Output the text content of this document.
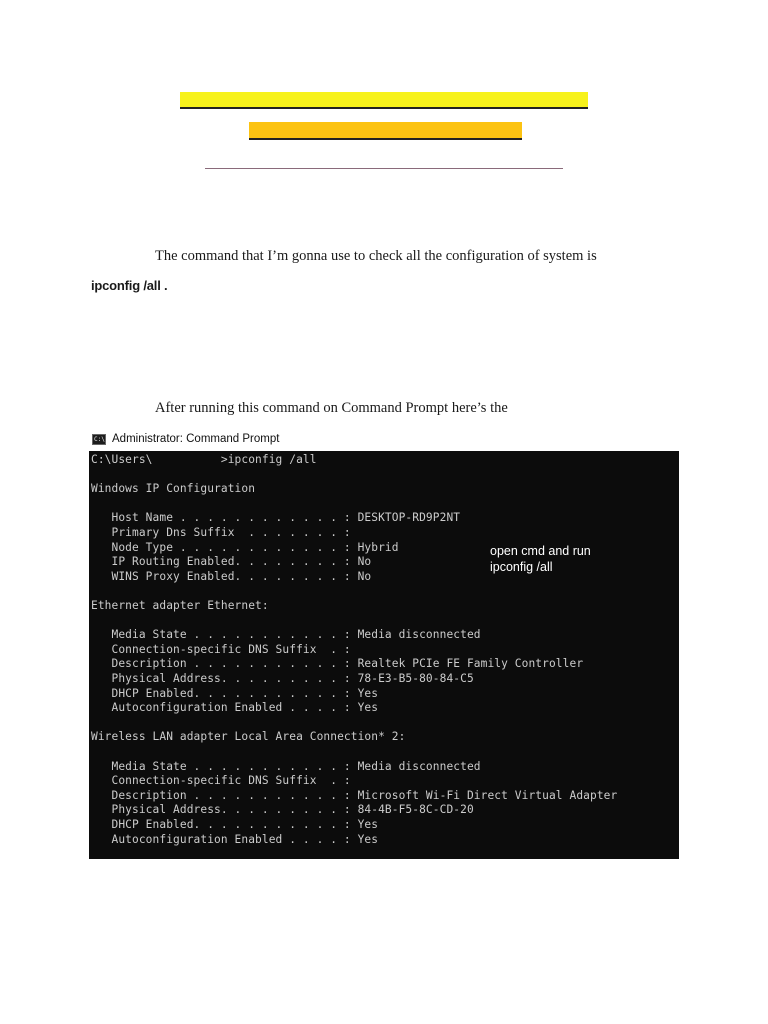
The command that I’m gonna use to check all the configuration of system is
ipconfig /all .
After running this command on Command Prompt here’s the
C:\ Administrator: Command Prompt
C:\Users\          >ipconfig /all
Windows IP Configuration
Host Name . . . . . . . . . . . . : DESKTOP-RD9P2NT
Primary Dns Suffix  . . . . . . . :
Node Type . . . . . . . . . . . . : Hybrid
IP Routing Enabled. . . . . . . . : No
WINS Proxy Enabled. . . . . . . . : No
Ethernet adapter Ethernet:
Media State . . . . . . . . . . . : Media disconnected
Connection-specific DNS Suffix  . :
Description . . . . . . . . . . . : Realtek PCIe FE Family Controller
Physical Address. . . . . . . . . : 78-E3-B5-80-84-C5
DHCP Enabled. . . . . . . . . . . : Yes
Autoconfiguration Enabled . . . . : Yes
Wireless LAN adapter Local Area Connection* 2:
Media State . . . . . . . . . . . : Media disconnected
Connection-specific DNS Suffix  . :
Description . . . . . . . . . . . : Microsoft Wi-Fi Direct Virtual Adapter
Physical Address. . . . . . . . . : 84-4B-F5-8C-CD-20
DHCP Enabled. . . . . . . . . . . : Yes
Autoconfiguration Enabled . . . . : Yes
open cmd and run
ipconfig /all
